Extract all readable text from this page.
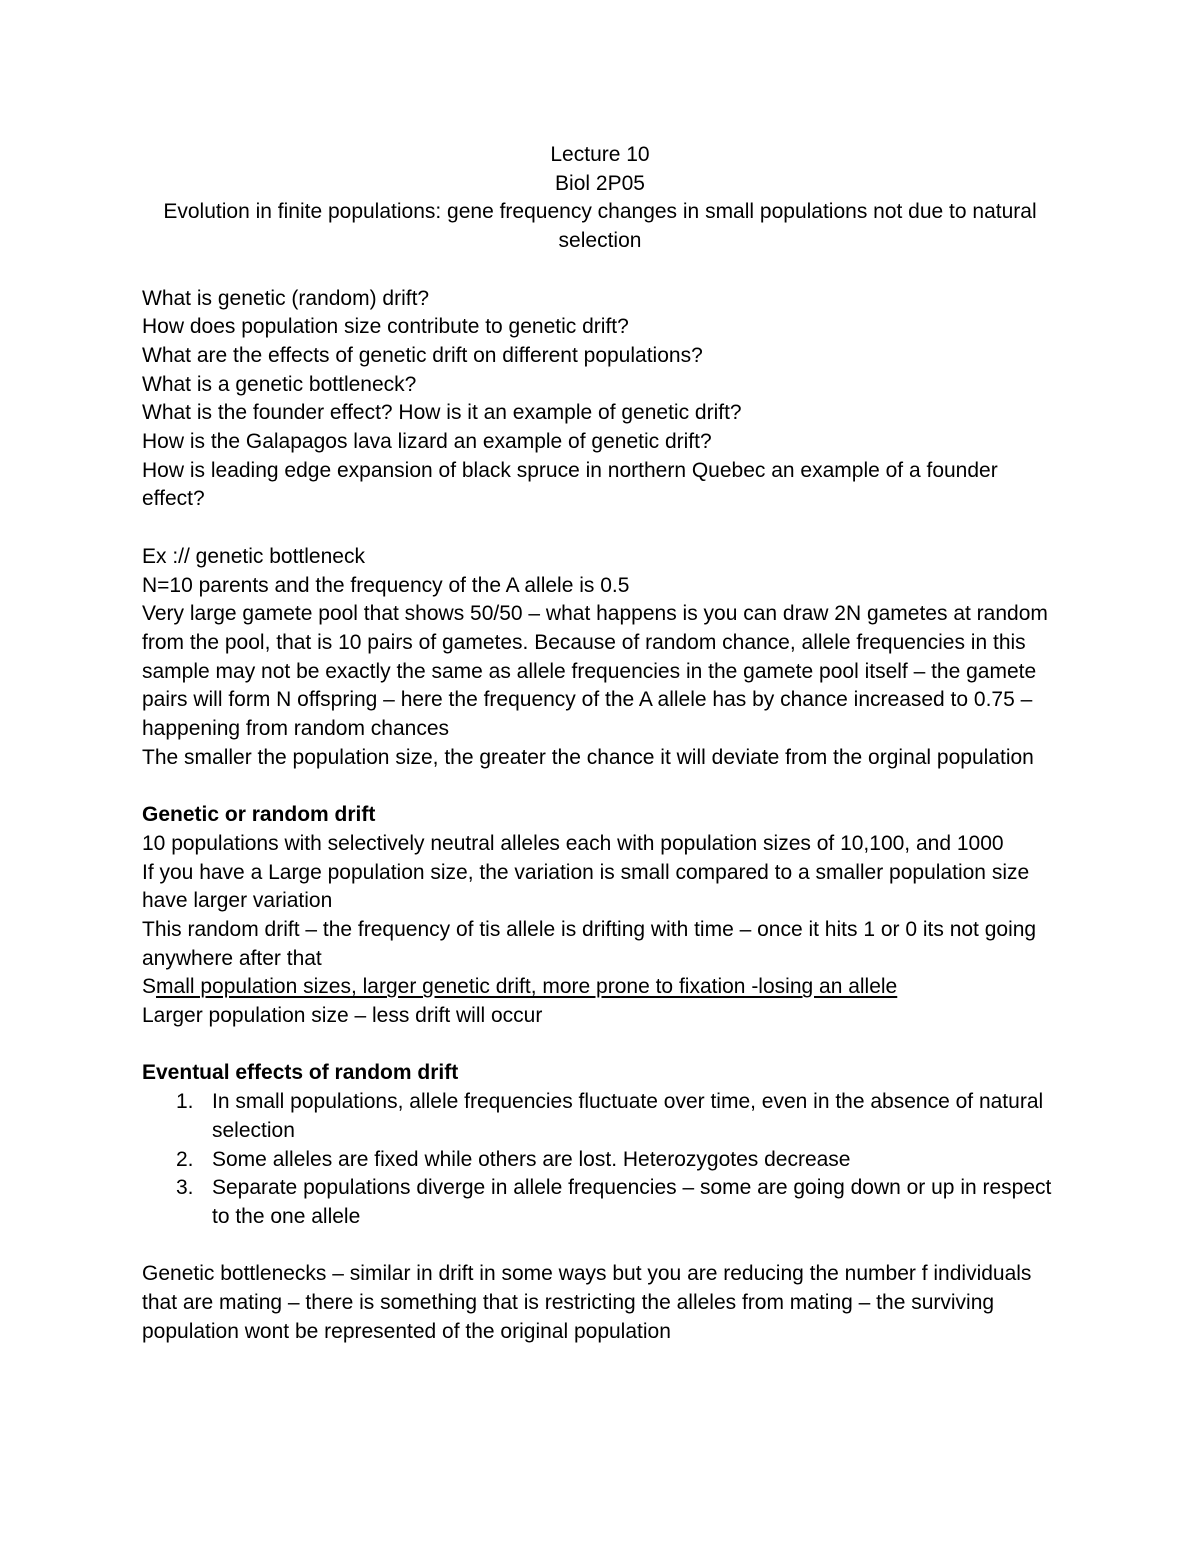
Lecture 10
Biol 2P05
Evolution in finite populations: gene frequency changes in small populations not due to natural selection
What is genetic (random) drift?
How does population size contribute to genetic drift?
What are the effects of genetic drift on different populations?
What is a genetic bottleneck?
What is the founder effect? How is it an example of genetic drift?
How is the Galapagos lava lizard an example of genetic drift?
How is leading edge expansion of black spruce in northern Quebec an example of a founder effect?
Ex :// genetic bottleneck
N=10 parents and the frequency of the A allele is 0.5
Very large gamete pool that shows 50/50 – what happens is you can draw 2N gametes at random from the pool, that is 10 pairs of gametes. Because of random chance, allele frequencies in this sample may not be exactly the same as allele frequencies in the gamete pool itself – the gamete pairs will form N offspring – here the frequency of the A allele has by chance increased to 0.75 – happening from random chances
The smaller the population size, the greater the chance it will deviate from the orginal population
Genetic or random drift
10 populations with selectively neutral alleles each with population sizes of 10,100, and 1000
If you have a Large population size, the variation is small compared to a smaller population size have larger variation
This random drift – the frequency of tis allele is drifting with time – once it hits 1 or 0 its not going anywhere after that
Small population sizes, larger genetic drift, more prone to fixation -losing an allele
Larger population size – less drift will occur
Eventual effects of random drift
1. In small populations, allele frequencies fluctuate over time, even in the absence of natural selection
2. Some alleles are fixed while others are lost. Heterozygotes decrease
3. Separate populations diverge in allele frequencies – some are going down or up in respect to the one allele
Genetic bottlenecks – similar in drift in some ways but you are reducing the number f individuals that are mating – there is something that is restricting the alleles from mating – the surviving population wont be represented of the original population
